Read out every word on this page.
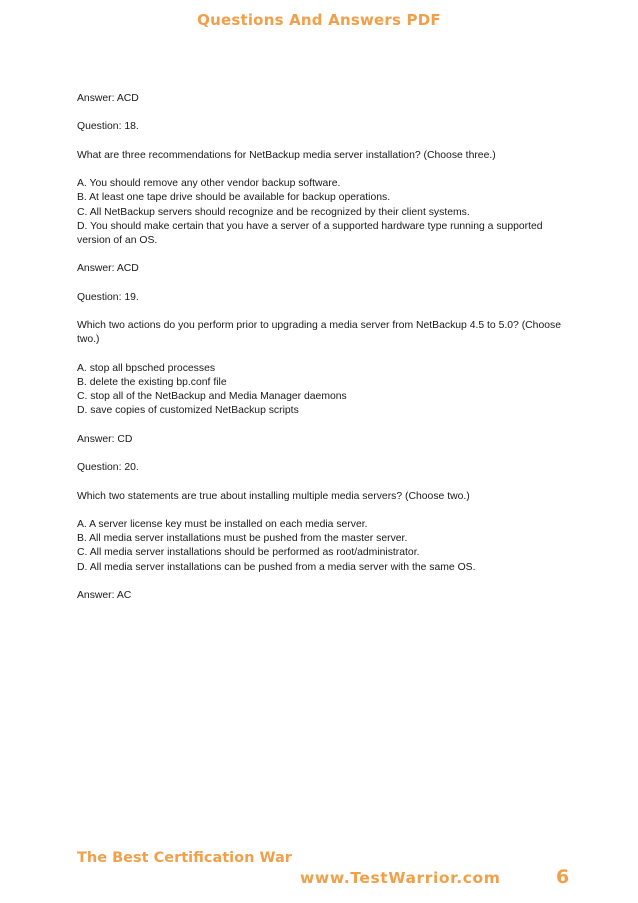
Questions And Answers PDF

Answer: ACD

Question: 18.

What are three recommendations for NetBackup media server installation? (Choose three.)

A. You should remove any other vendor backup software.
B. At least one tape drive should be available for backup operations.
C. All NetBackup servers should recognize and be recognized by their client systems.
D. You should make certain that you have a server of a supported hardware type running a supported version of an OS.

Answer: ACD

Question: 19.

Which two actions do you perform prior to upgrading a media server from NetBackup 4.5 to 5.0? (Choose two.)

A. stop all bpsched processes
B. delete the existing bp.conf file
C. stop all of the NetBackup and Media Manager daemons
D. save copies of customized NetBackup scripts

Answer: CD

Question: 20.

Which two statements are true about installing multiple media servers? (Choose two.)

A. A server license key must be installed on each media server.
B. All media server installations must be pushed from the master server.
C. All media server installations should be performed as root/administrator.
D. All media server installations can be pushed from a media server with the same OS.

Answer: AC

The Best Certification War
www.TestWarrior.com	6
